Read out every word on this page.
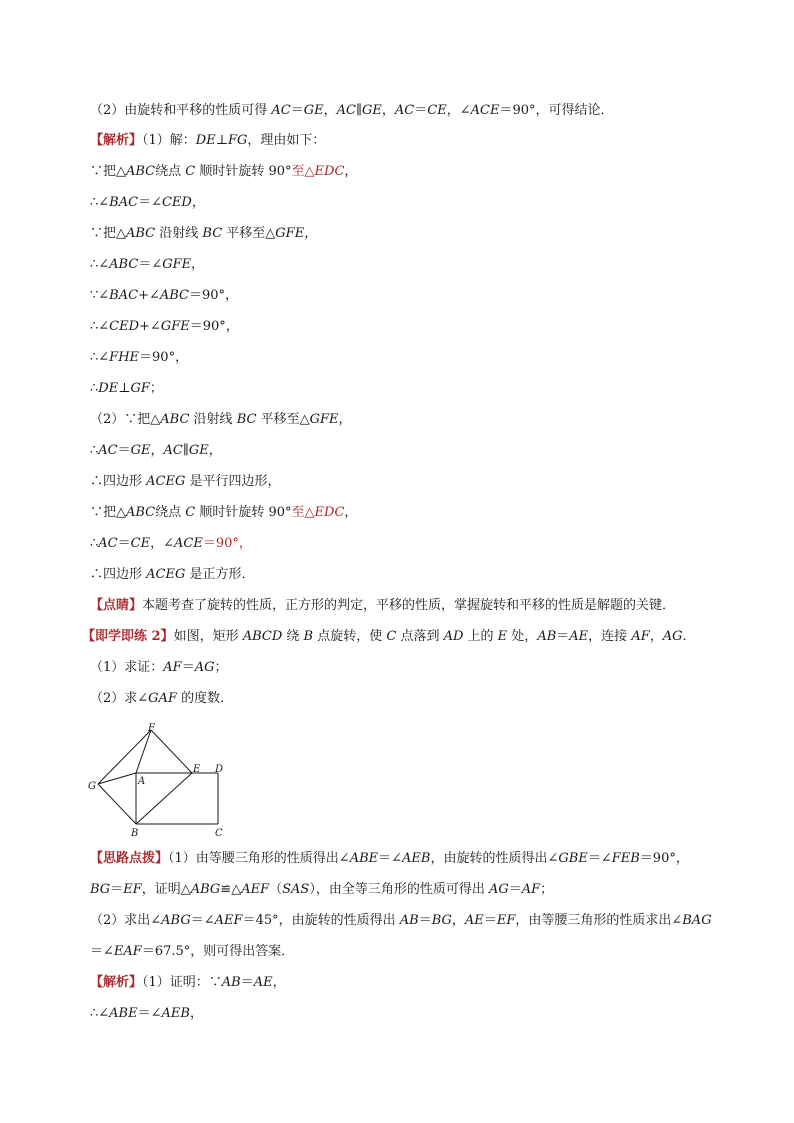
（2）由旋转和平移的性质可得 AC＝GE，AC∥GE，AC＝CE，∠ACE＝90°，可得结论．
【解析】（1）解：DE⊥FG，理由如下：
∵把△ABC绕点 C 顺时针旋转 90°至△EDC，
∴∠BAC＝∠CED，
∵把△ABC 沿射线 BC 平移至△GFE，
∴∠ABC＝∠GFE，
∵∠BAC+∠ABC＝90°，
∴∠CED+∠GFE＝90°，
∴∠FHE＝90°，
∴DE⊥GF；
（2）∵把△ABC 沿射线 BC 平移至△GFE，
∴AC＝GE，AC∥GE，
∴四边形 ACEG 是平行四边形，
∵把△ABC绕点 C 顺时针旋转 90°至△EDC，
∴AC＝CE，∠ACE＝90°，
∴四边形 ACEG 是正方形．
【点睛】本题考查了旋转的性质，正方形的判定，平移的性质，掌握旋转和平移的性质是解题的关键．
【即学即练 2】如图，矩形 ABCD 绕 B 点旋转，使 C 点落到 AD 上的 E 处，AB＝AE，连接 AF，AG．
（1）求证：AF＝AG；
（2）求∠GAF 的度数．
【思路点拨】（1）由等腰三角形的性质得出∠ABE＝∠AEB，由旋转的性质得出∠GBE＝∠FEB＝90°，
BG＝EF，证明△ABG≌△AEF（SAS），由全等三角形的性质可得出 AG＝AF；
（2）求出∠ABG＝∠AEF＝45°，由旋转的性质得出 AB＝BG，AE＝EF，由等腰三角形的性质求出∠BAG
＝∠EAF＝67.5°，则可得出答案．
【解析】（1）证明：∵AB＝AE，
∴∠ABE＝∠AEB，
F
G	A
E D
B	C
